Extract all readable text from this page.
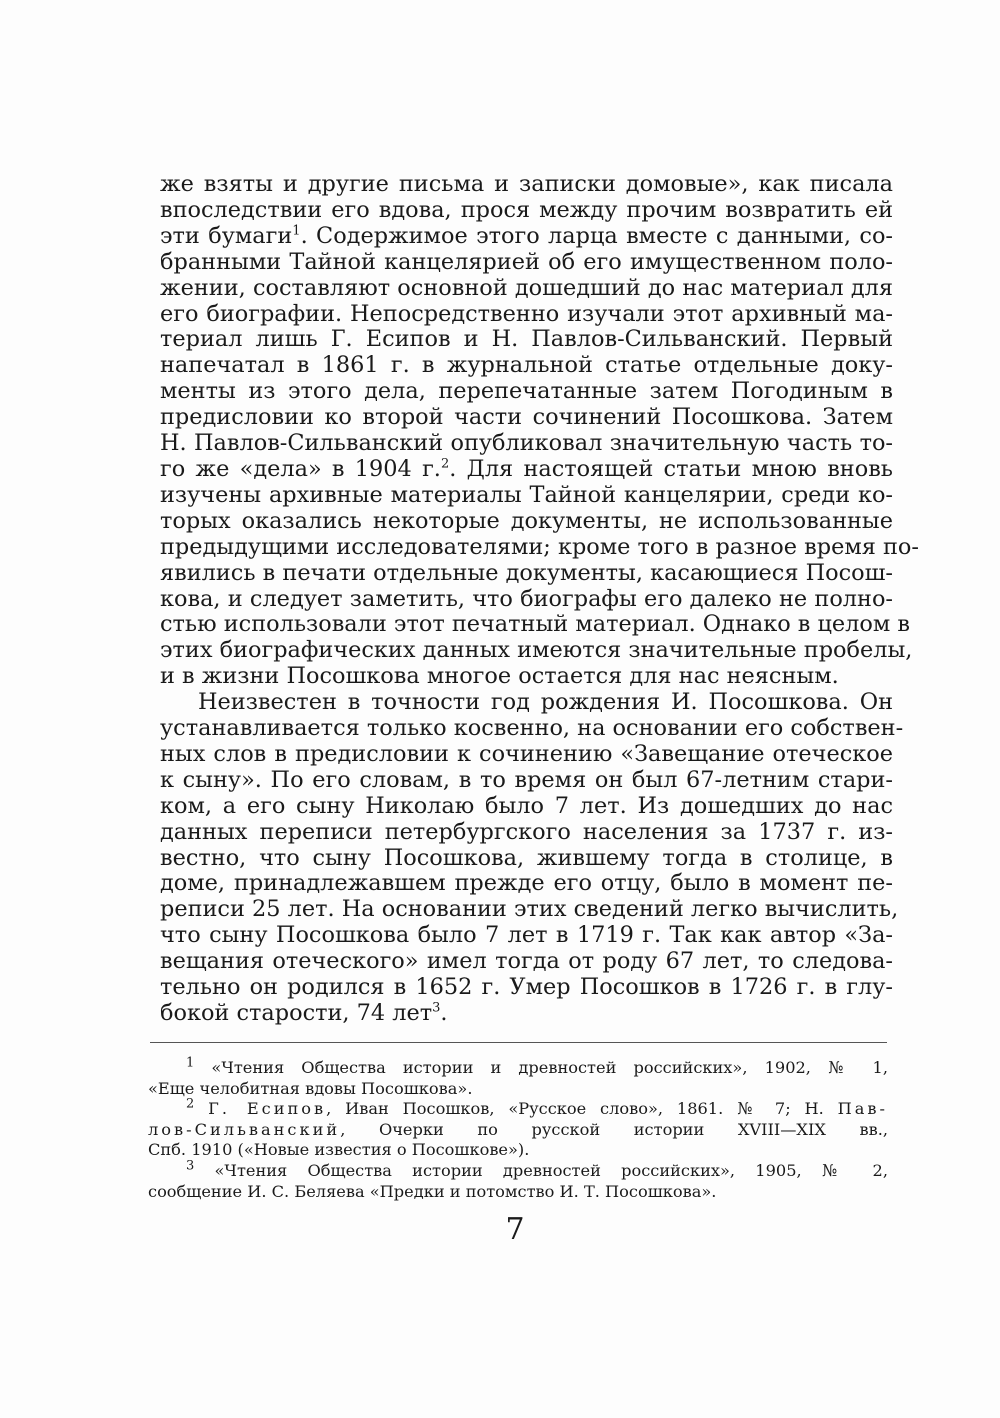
же взяты и другие письма и записки домовые», как писала
впоследствии его вдова, прося между прочим возвратить ей
эти бумаги$^1$. Содержимое этого ларца вместе с данными, со-
бранными Тайной канцелярией об его имущественном поло-
жении, составляют основной дошедший до нас материал для
его биографии. Непосредственно изучали этот архивный ма-
териал лишь Г. Есипов и Н. Павлов-Сильванский. Первый
напечатал в 1861 г. в журнальной статье отдельные доку-
менты из этого дела, перепечатанные затем Погодиным в
предисловии ко второй части сочинений Посошкова. Затем
Н. Павлов-Сильванский опубликовал значительную часть то-
го же «дела» в 1904 г.$^2$. Для настоящей статьи мною вновь
изучены архивные материалы Тайной канцелярии, среди ко-
торых оказались некоторые документы, не использованные
предыдущими исследователями; кроме того в разное время по-
явились в печати отдельные документы, касающиеся Посош-
кова, и следует заметить, что биографы его далеко не полно-
стью использовали этот печатный материал. Однако в целом в
этих биографических данных имеются значительные пробелы,
и в жизни Посошкова многое остается для нас неясным.
Неизвестен в точности год рождения И. Посошкова. Он
устанавливается только косвенно, на основании его собствен-
ных слов в предисловии к сочинению «Завещание отеческое
к сыну». По его словам, в то время он был 67-летним стари-
ком, а его сыну Николаю было 7 лет. Из дошедших до нас
данных переписи петербургского населения за 1737 г. из-
вестно, что сыну Посошкова, жившему тогда в столице, в
доме, принадлежавшем прежде его отцу, было в момент пе-
реписи 25 лет. На основании этих сведений легко вычислить,
что сыну Посошкова было 7 лет в 1719 г. Так как автор «За-
вещания отеческого» имел тогда от роду 67 лет, то следова-
тельно он родился в 1652 г. Умер Посошков в 1726 г. в глу-
бокой старости, 74 лет$^3$.
$^1$ «Чтения Общества истории и древностей российских», 1902, № 1,
«Еще челобитная вдовы Посошкова».
$^2$ Г. Есипов, Иван Посошков, «Русское слово», 1861. № 7; Н. Пав-
лов-Сильванский, Очерки по русской истории XVIII—XIX вв.,
Спб. 1910 («Новые известия о Посошкове»).
$^3$ «Чтения Общества истории древностей российских», 1905, № 2,
сообщение И. С. Беляева «Предки и потомство И. Т. Посошкова».
7
